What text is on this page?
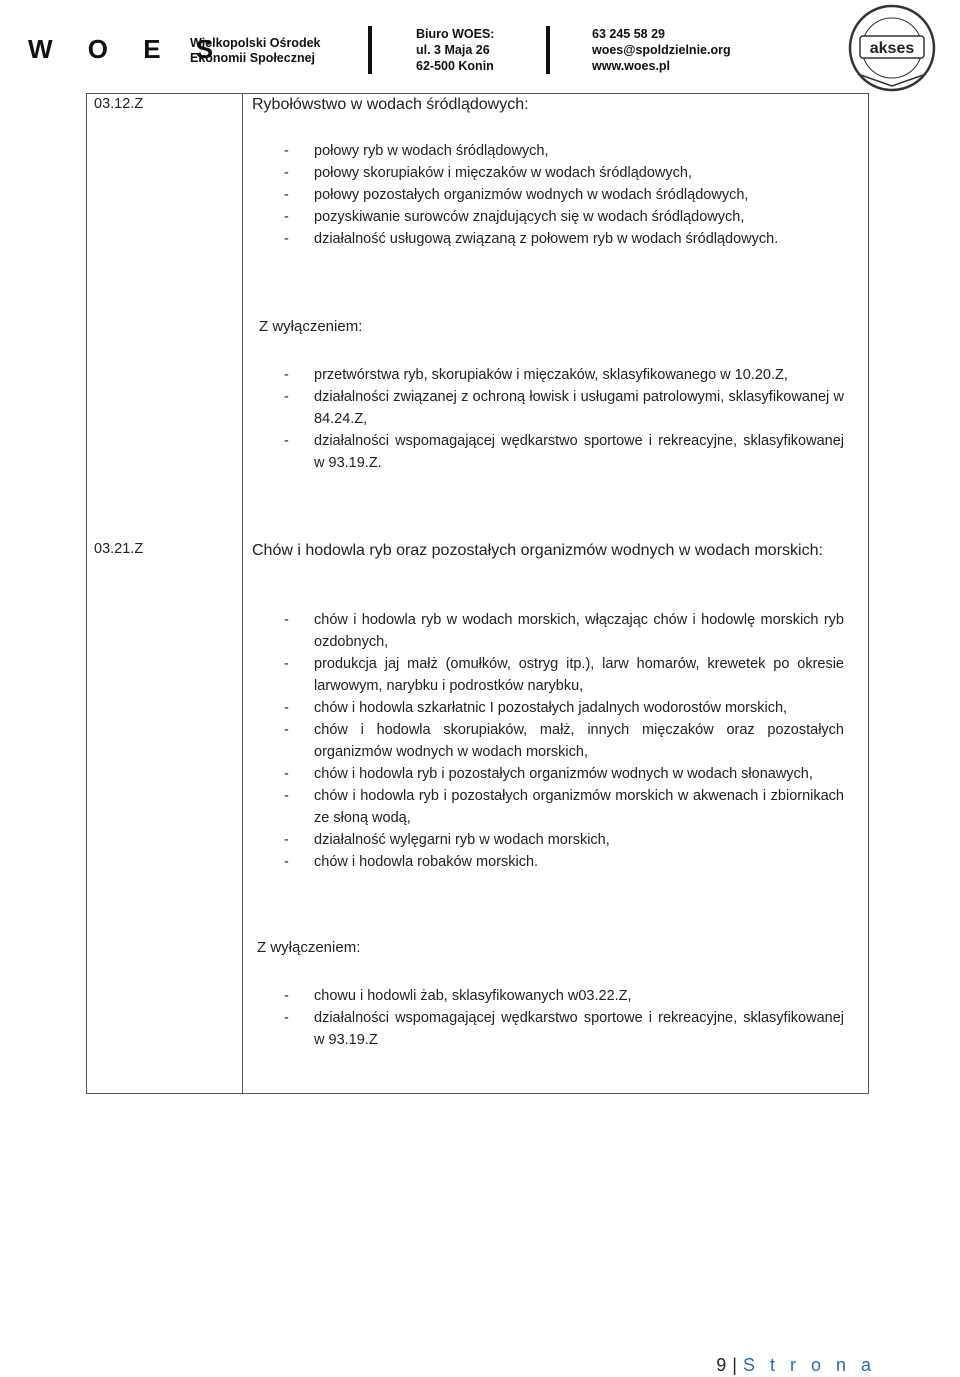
W O E S
Wielkopolski Ośrodek
Ekonomii Społecznej
Biuro WOES:
ul. 3 Maja 26
62-500 Konin
63 245 58 29
woes@spoldzielnie.org
www.woes.pl
akses
03.12.Z	Rybołówstwo w wodach śródlądowych:
- połowy ryb w wodach śródlądowych,
- połowy skorupiaków i mięczaków w wodach śródlądowych,
- połowy pozostałych organizmów wodnych w wodach śródlądowych,
- pozyskiwanie surowców znajdujących się w wodach śródlądowych,
- działalność usługową związaną z połowem ryb w wodach śródlądowych.
Z wyłączeniem:
- przetwórstwa ryb, skorupiaków i mięczaków, sklasyfikowanego w 10.20.Z,
- działalności związanej z ochroną łowisk i usługami patrolowymi, sklasyfikowanej w 84.24.Z,
- działalności wspomagającej wędkarstwo sportowe i rekreacyjne, sklasyfikowanej w 93.19.Z.
03.21.Z	Chów i hodowla ryb oraz pozostałych organizmów wodnych w wodach morskich:
- chów i hodowla ryb w wodach morskich, włączając chów i hodowlę morskich ryb ozdobnych,
- produkcja jaj małż (omułków, ostryg itp.), larw homarów, krewetek po okresie larwowym, narybku i podrostków narybku,
- chów i hodowla szkarłatnic I pozostałych jadalnych wodorostów morskich,
- chów i hodowla skorupiaków, małż, innych mięczaków oraz pozostałych organizmów wodnych w wodach morskich,
- chów i hodowla ryb i pozostałych organizmów wodnych w wodach słonawych,
- chów i hodowla ryb i pozostałych organizmów morskich w akwenach i zbiornikach ze słoną wodą,
- działalność wylęgarni ryb w wodach morskich,
- chów i hodowla robaków morskich.
Z wyłączeniem:
- chowu i hodowli żab, sklasyfikowanych w03.22.Z,
- działalności wspomagającej wędkarstwo sportowe i rekreacyjne, sklasyfikowanej w 93.19.Z
9 | S t r o n a
